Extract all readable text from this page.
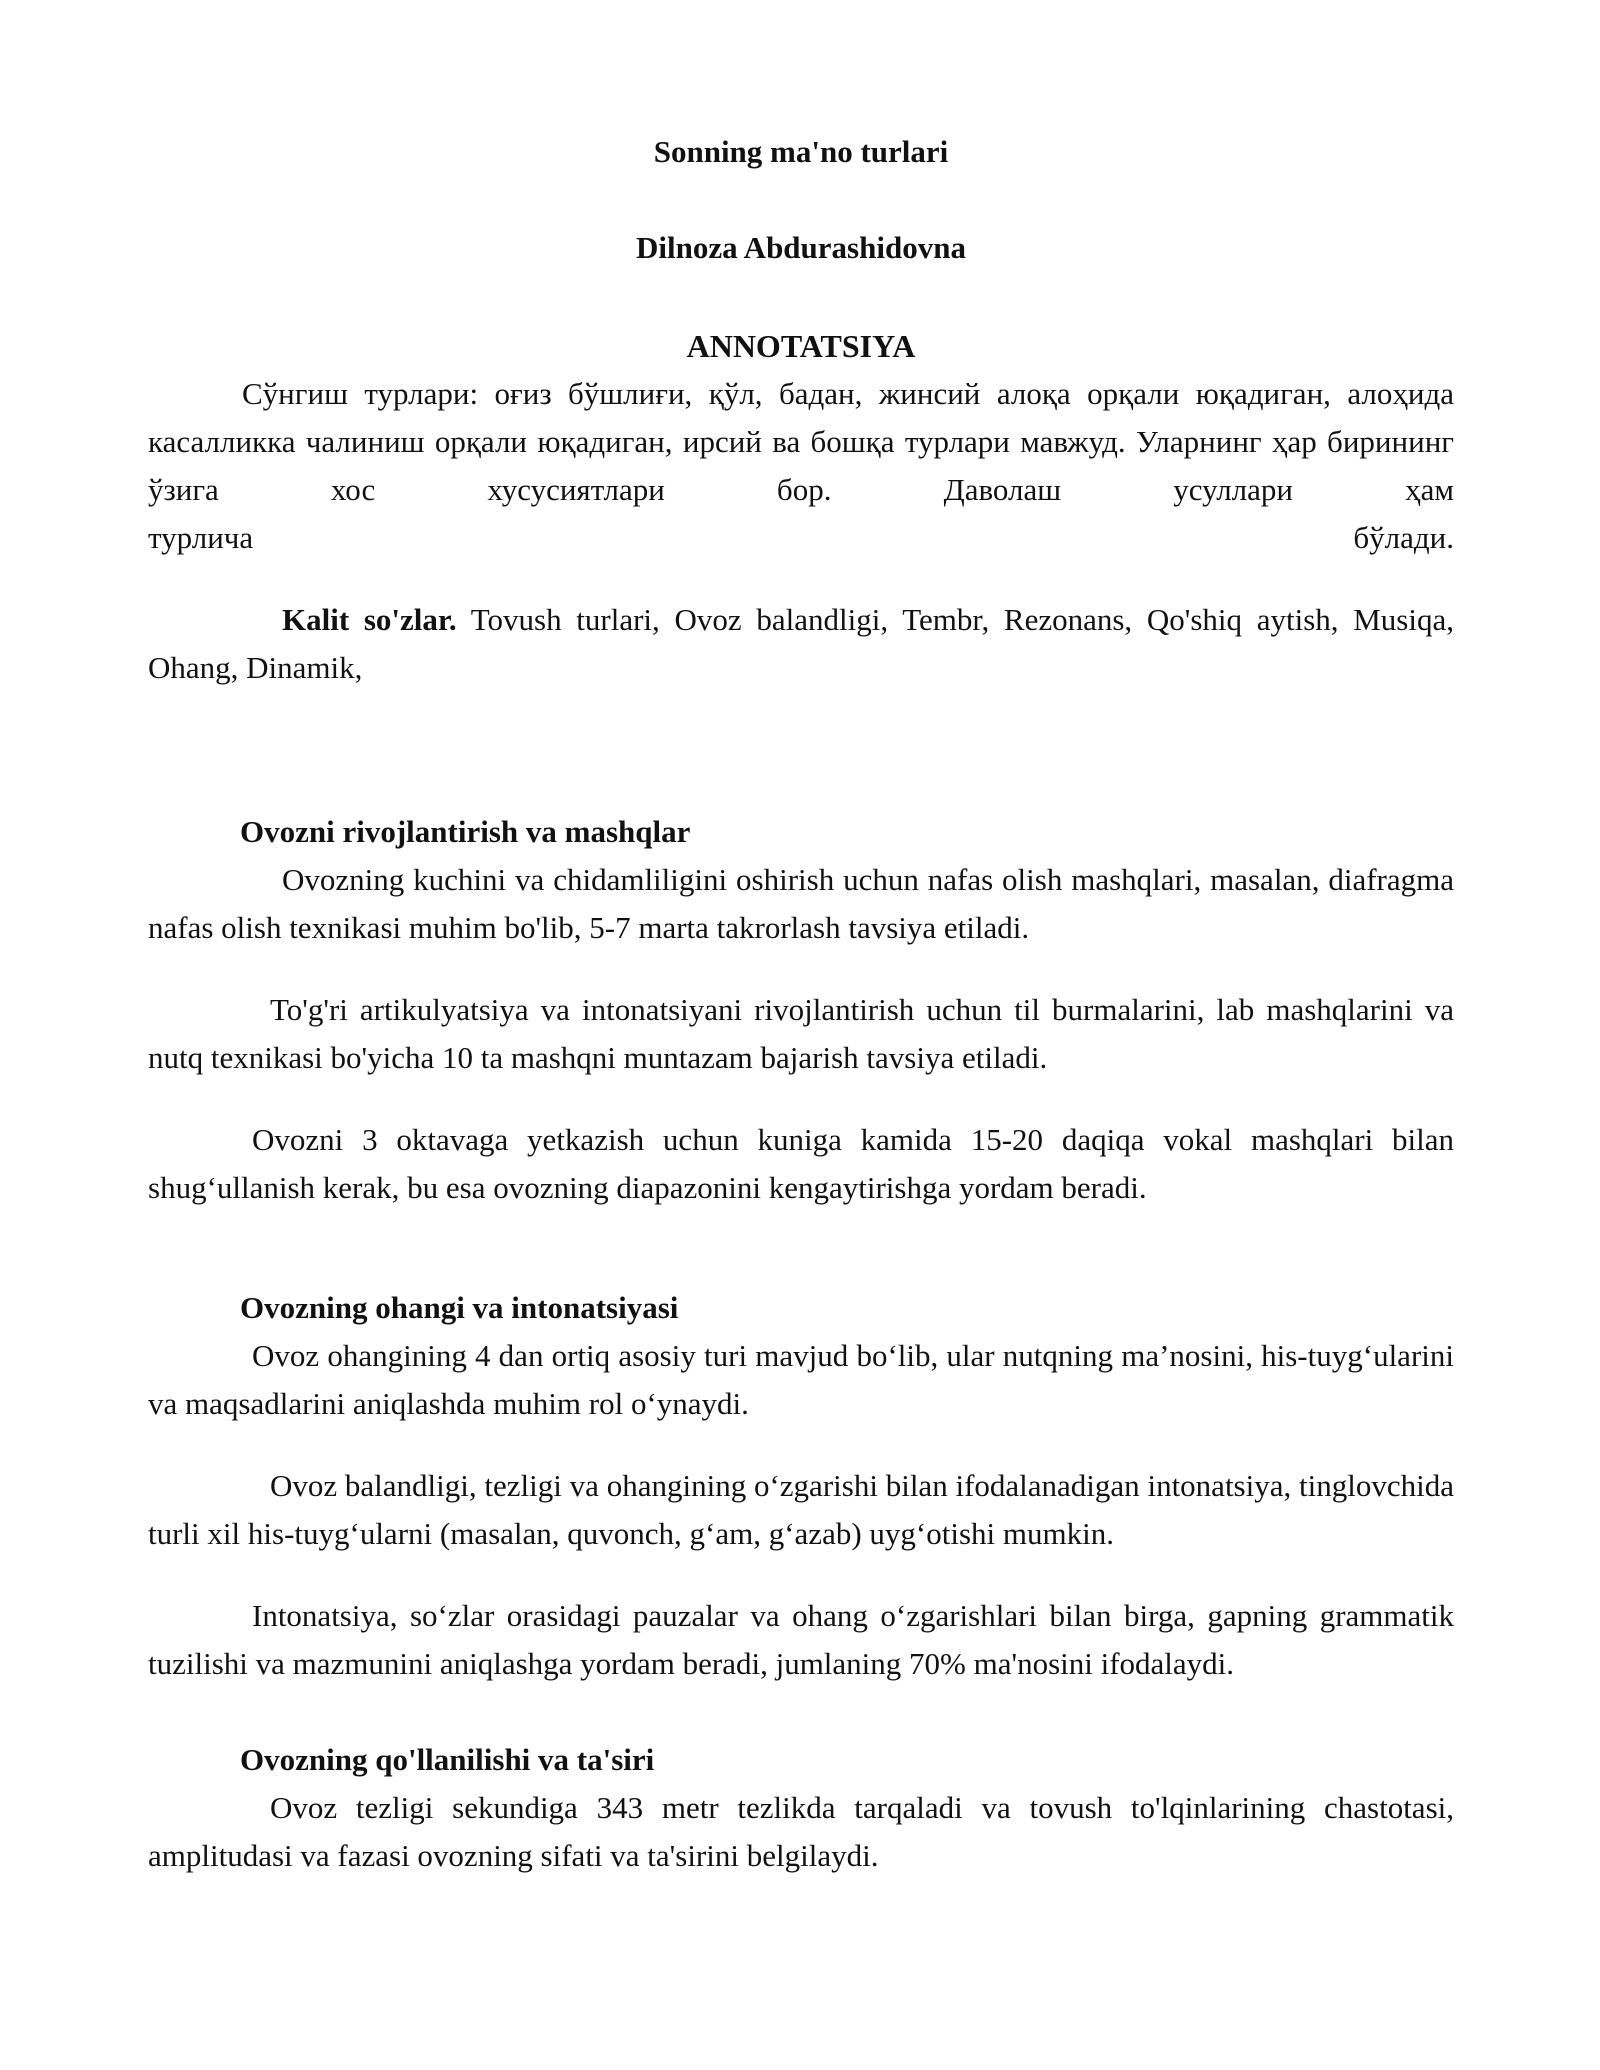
Sonning ma'no turlari

Dilnoza Abdurashidovna

ANNOTATSIYA

Сўнгиш турлари: оғиз бўшлиғи, қўл, бадан, жинсий алоқа орқали юқадиган, алоҳида касалликка чалиниш орқали юқадиган, ирсий ва бошқа турлари мавжуд. Уларнинг ҳар бирининг ўзига хос хусусиятлари бор. Даволаш усуллари ҳам

турлича бўлади.

Kalit so'zlar. Tovush turlari, Ovoz balandligi, Tembr, Rezonans, Qo'shiq aytish, Musiqa, Ohang, Dinamik,

Ovozni rivojlantirish va mashqlar

Ovozning kuchini va chidamliligini oshirish uchun nafas olish mashqlari, masalan, diafragma nafas olish texnikasi muhim bo'lib, 5-7 marta takrorlash tavsiya etiladi.

To'g'ri artikulyatsiya va intonatsiyani rivojlantirish uchun til burmalarini, lab mashqlarini va nutq texnikasi bo'yicha 10 ta mashqni muntazam bajarish tavsiya etiladi.

Ovozni 3 oktavaga yetkazish uchun kuniga kamida 15-20 daqiqa vokal mashqlari bilan shug‘ullanish kerak, bu esa ovozning diapazonini kengaytirishga yordam beradi.

Ovozning ohangi va intonatsiyasi

Ovoz ohangining 4 dan ortiq asosiy turi mavjud bo‘lib, ular nutqning ma’nosini, his-tuyg‘ularini va maqsadlarini aniqlashda muhim rol o‘ynaydi.

Ovoz balandligi, tezligi va ohangining o‘zgarishi bilan ifodalanadigan intonatsiya, tinglovchida turli xil his-tuyg‘ularni (masalan, quvonch, g‘am, g‘azab) uyg‘otishi mumkin.

Intonatsiya, so‘zlar orasidagi pauzalar va ohang o‘zgarishlari bilan birga, gapning grammatik tuzilishi va mazmunini aniqlashga yordam beradi, jumlaning 70% ma'nosini ifodalaydi.

Ovozning qo'llanilishi va ta'siri

Ovoz tezligi sekundiga 343 metr tezlikda tarqaladi va tovush to'lqinlarining chastotasi, amplitudasi va fazasi ovozning sifati va ta'sirini belgilaydi.
